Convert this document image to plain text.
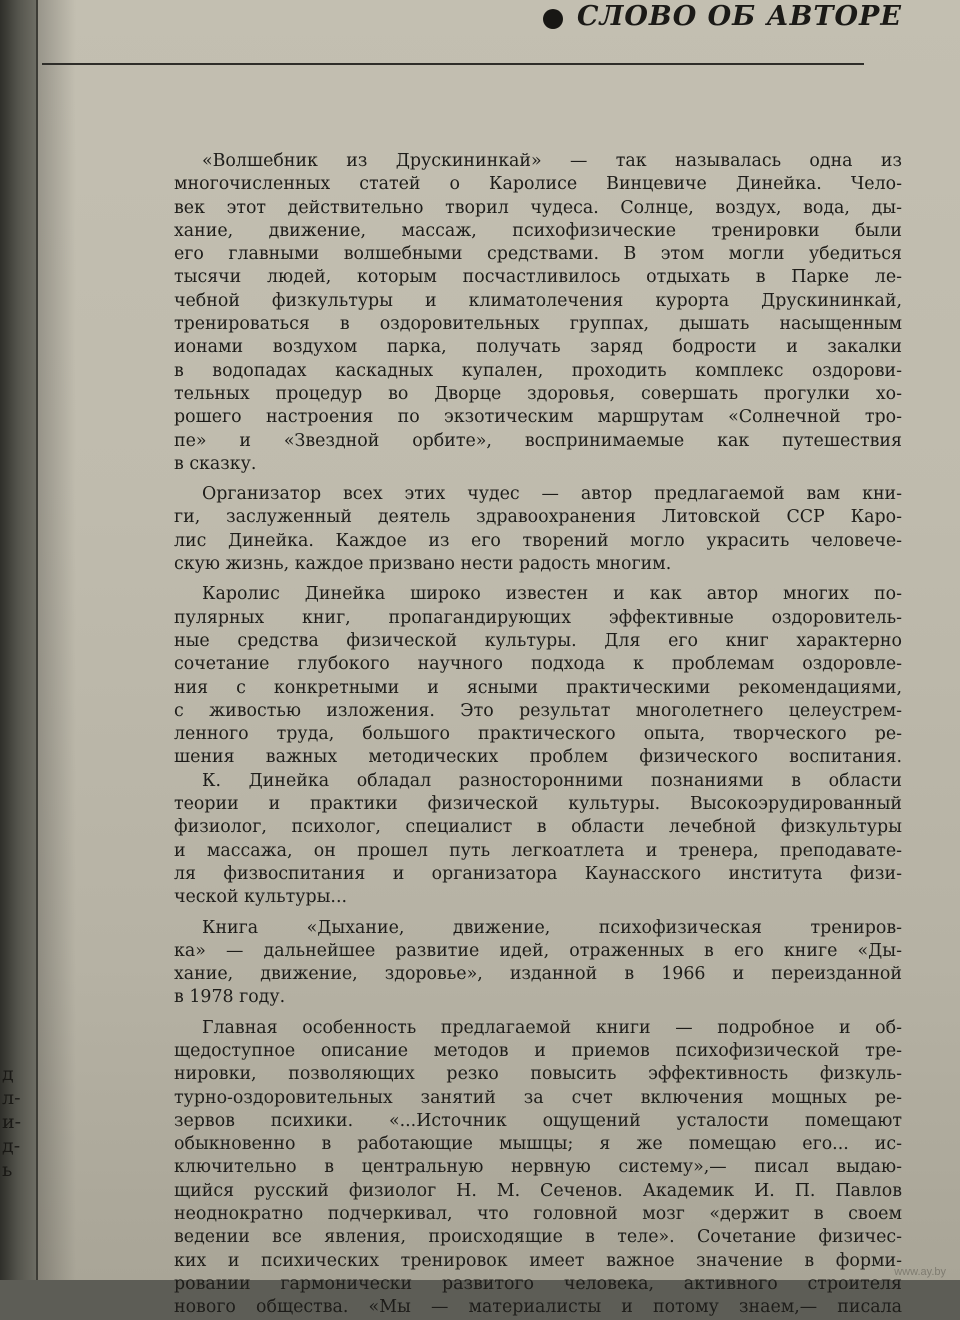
д
л-
и-
д-
ь
СЛОВО ОБ АВТОРЕ
«Волшебник из Друскининкай» — так называлась одна из
многочисленных статей о Каролисе Винцевиче Динейка. Чело-
век этот действительно творил чудеса. Солнце, воздух, вода, ды-
хание, движение, массаж, психофизические тренировки были
его главными волшебными средствами. В этом могли убедиться
тысячи людей, которым посчастливилось отдыхать в Парке ле-
чебной физкультуры и климатолечения курорта Друскининкай,
тренироваться в оздоровительных группах, дышать насыщенным
ионами воздухом парка, получать заряд бодрости и закалки
в водопадах каскадных купален, проходить комплекс оздорови-
тельных процедур во Дворце здоровья, совершать прогулки хо-
рошего настроения по экзотическим маршрутам «Солнечной тро-
пе» и «Звездной орбите», воспринимаемые как путешествия
в сказку.
Организатор всех этих чудес — автор предлагаемой вам кни-
ги, заслуженный деятель здравоохранения Литовской ССР Каро-
лис Динейка. Каждое из его творений могло украсить человече-
скую жизнь, каждое призвано нести радость многим.
Каролис Динейка широко известен и как автор многих по-
пулярных книг, пропагандирующих эффективные оздоровитель-
ные средства физической культуры. Для его книг характерно
сочетание глубокого научного подхода к проблемам оздоровле-
ния с конкретными и ясными практическими рекомендациями,
с живостью изложения. Это результат многолетнего целеустрем-
ленного труда, большого практического опыта, творческого ре-
шения важных методических проблем физического воспитания.
К. Динейка обладал разносторонними познаниями в области
теории и практики физической культуры. Высокоэрудированный
физиолог, психолог, специалист в области лечебной физкультуры
и массажа, он прошел путь легкоатлета и тренера, преподавате-
ля физвоспитания и организатора Каунасского института физи-
ческой культуры...
Книга «Дыхание, движение, психофизическая трениров-
ка» — дальнейшее развитие идей, отраженных в его книге «Ды-
хание, движение, здоровье», изданной в 1966 и переизданной
в 1978 году.
Главная особенность предлагаемой книги — подробное и об-
щедоступное описание методов и приемов психофизической тре-
нировки, позволяющих резко повысить эффективность физкуль-
турно-оздоровительных занятий за счет включения мощных ре-
зервов психики. «...Источник ощущений усталости помещают
обыкновенно в работающие мышцы; я же помещаю его... ис-
ключительно в центральную нервную систему»,— писал выдаю-
щийся русский физиолог Н. М. Сеченов. Академик И. П. Павлов
неоднократно подчеркивал, что головной мозг «держит в своем
ведении все явления, происходящие в теле». Сочетание физичес-
ких и психических тренировок имеет важное значение в форми-
ровании гармонически развитого человека, активного строителя
нового общества. «Мы — материалисты и потому знаем,— писала
www.ay.by
